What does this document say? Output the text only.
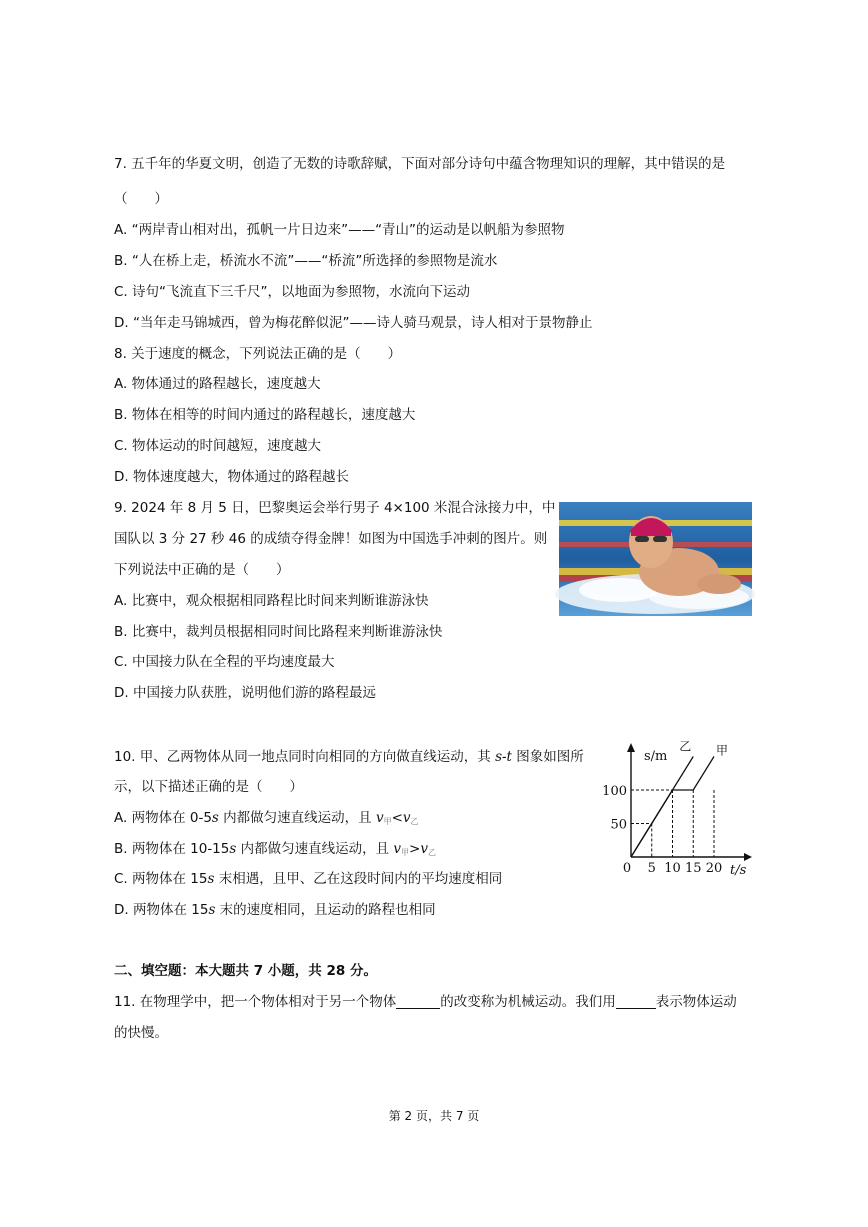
7. 五千年的华夏文明，创造了无数的诗歌辞赋，下面对部分诗句中蕴含物理知识的理解，其中错误的是
（　　）
A. “两岸青山相对出，孤帆一片日边来”——“青山”的运动是以帆船为参照物
B. “人在桥上走，桥流水不流”——“桥流”所选择的参照物是流水
C. 诗句“飞流直下三千尺”，以地面为参照物，水流向下运动
D. “当年走马锦城西，曾为梅花醉似泥”——诗人骑马观景，诗人相对于景物静止
8. 关于速度的概念，下列说法正确的是（　　）
A. 物体通过的路程越长，速度越大
B. 物体在相等的时间内通过的路程越长，速度越大
C. 物体运动的时间越短，速度越大
D. 物体速度越大，物体通过的路程越长
9. 2024 年 8 月 5 日，巴黎奥运会举行男子 4×100 米混合泳接力中，中
国队以 3 分 27 秒 46 的成绩夺得金牌！如图为中国选手冲刺的图片。则
下列说法中正确的是（　　）
A. 比赛中，观众根据相同路程比时间来判断谁游泳快
B. 比赛中，裁判员根据相同时间比路程来判断谁游泳快
C. 中国接力队在全程的平均速度最大
D. 中国接力队获胜，说明他们游的路程最远
10. 甲、乙两物体从同一地点同时向相同的方向做直线运动，其 s-t 图象如图所
示，以下描述正确的是（　　）
A. 两物体在 0-5s 内都做匀速直线运动，且 $v_甲<v_乙$
B. 两物体在 10-15s 内都做匀速直线运动，且 $v_甲>v_乙$
C. 两物体在 15s 末相遇，且甲、乙在这段时间内的平均速度相同
D. 两物体在 15s 末的速度相同，且运动的路程也相同
甲
乙
0 5 10 15 20
50
100
s/m
t/s
二、填空题：本大题共 7 小题，共 28 分。
11. 在物理学中，把一个物体相对于另一个物体	的改变称为机械运动。我们用	表示物体运动
的快慢。
第 2 页，共 7 页
